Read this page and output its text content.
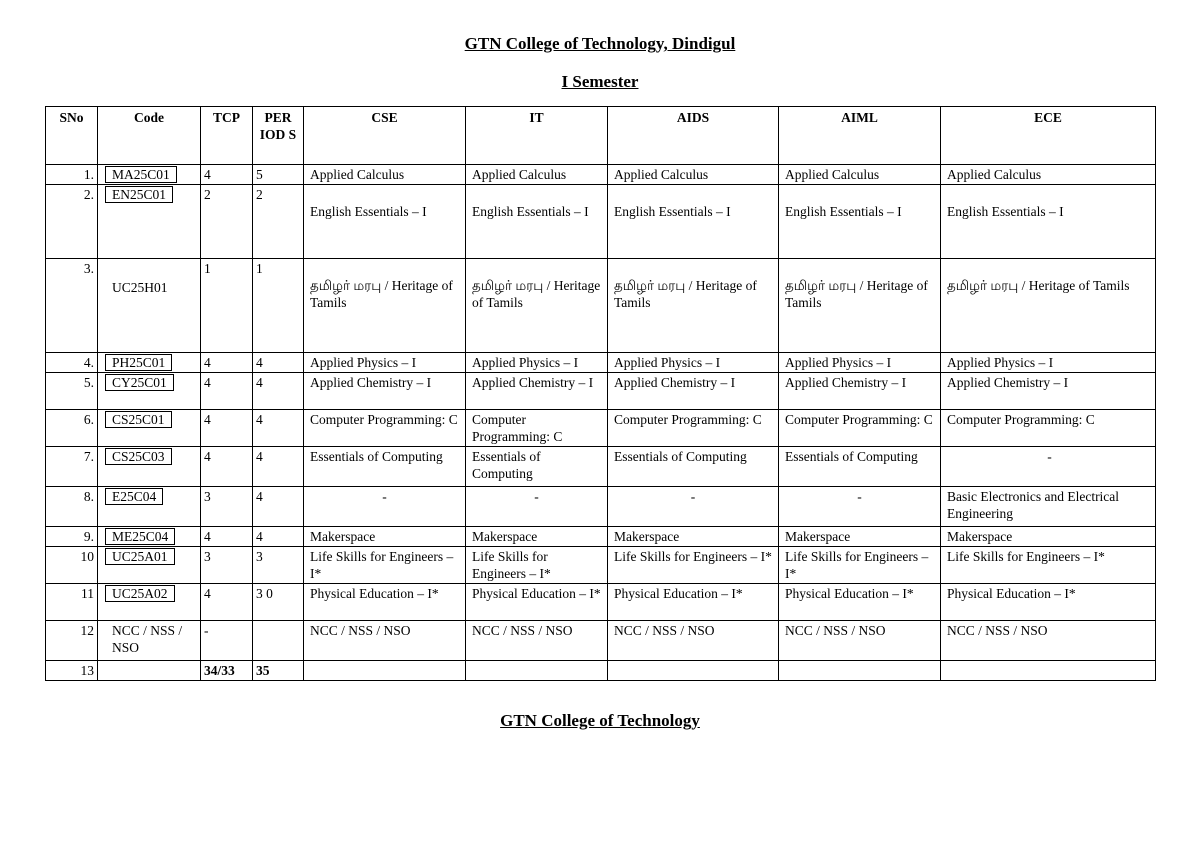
GTN College of Technology, Dindigul
I Semester
SNo	Code	TCP	PER IOD S	CSE	IT	AIDS	AIML	ECE
1.	MA25C01	4	5	Applied Calculus	Applied Calculus	Applied Calculus	Applied Calculus	Applied Calculus
2.	EN25C01	2	2	English Essentials – I	English Essentials – I	English Essentials – I	English Essentials – I	English Essentials – I
3.	UC25H01	1	1	தமிழர் மரபு / Heritage of Tamils	தமிழர் மரபு / Heritage of Tamils	தமிழர் மரபு / Heritage of Tamils	தமிழர் மரபு / Heritage of Tamils	தமிழர் மரபு / Heritage of Tamils
4.	PH25C01	4	4	Applied Physics – I	Applied Physics – I	Applied Physics – I	Applied Physics – I	Applied Physics – I
5.	CY25C01	4	4	Applied Chemistry – I	Applied Chemistry – I	Applied Chemistry – I	Applied Chemistry – I	Applied Chemistry – I
6.	CS25C01	4	4	Computer Programming: C	Computer Programming: C	Computer Programming: C	Computer Programming: C	Computer Programming: C
7.	CS25C03	4	4	Essentials of Computing	Essentials of Computing	Essentials of Computing	Essentials of Computing	-
8.	E25C04	3	4	-	-	-	-	Basic Electronics and Electrical Engineering
9.	ME25C04	4	4	Makerspace	Makerspace	Makerspace	Makerspace	Makerspace
10	UC25A01	3	3	Life Skills for Engineers – I*	Life Skills for Engineers – I*	Life Skills for Engineers – I*	Life Skills for Engineers – I*	Life Skills for Engineers – I*
11	UC25A02	4	3 0	Physical Education – I*	Physical Education – I*	Physical Education – I*	Physical Education – I*	Physical Education – I*
12	NCC / NSS / NSO	-		NCC / NSS / NSO	NCC / NSS / NSO	NCC / NSS / NSO	NCC / NSS / NSO	NCC / NSS / NSO
13		34/33	35					
GTN College of Technology
